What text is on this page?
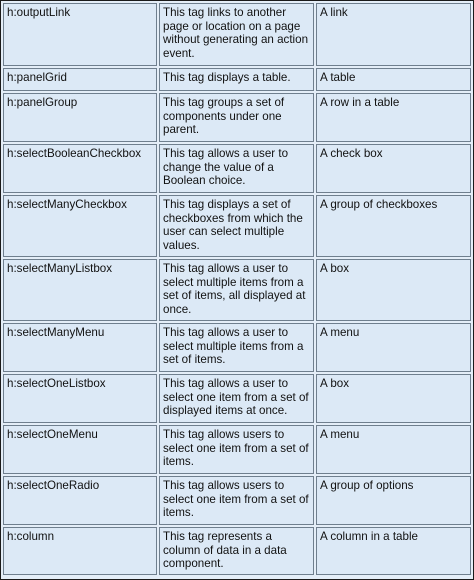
h:outputLink	This tag links to another page or location on a page without generating an action event.	A link
h:panelGrid	This tag displays a table.	A table
h:panelGroup	This tag groups a set of components under one parent.	A row in a table
h:selectBooleanCheckbox	This tag allows a user to change the value of a Boolean choice.	A check box
h:selectManyCheckbox	This tag displays a set of checkboxes from which the user can select multiple values.	A group of checkboxes
h:selectManyListbox	This tag allows a user to select multiple items from a set of items, all displayed at once.	A box
h:selectManyMenu	This tag allows a user to select multiple items from a set of items.	A menu
h:selectOneListbox	This tag allows a user to select one item from a set of displayed items at once.	A box
h:selectOneMenu	This tag allows users to select one item from a set of items.	A menu
h:selectOneRadio	This tag allows users to select one item from a set of items.	A group of options
h:column	This tag represents a column of data in a data component.	A column in a table
